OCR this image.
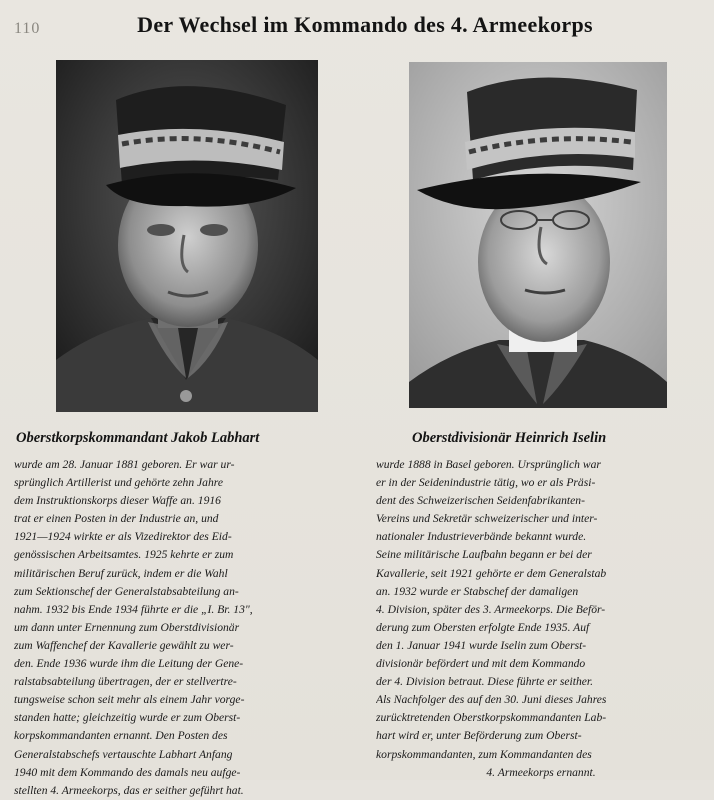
110	Der Wechsel im Kommando des 4. Armeekorps
Oberstkorpskommandant Jakob Labhart	Oberstdivisionär Heinrich Iselin
wurde am 28. Januar 1881 geboren. Er war ur-
sprünglich Artillerist und gehörte zehn Jahre
dem Instruktionskorps dieser Waffe an. 1916
trat er einen Posten in der Industrie an, und
1921—1924 wirkte er als Vizedirektor des Eid-
genössischen Arbeitsamtes. 1925 kehrte er zum
militärischen Beruf zurück, indem er die Wahl
zum Sektionschef der Generalstabsabteilung an-
nahm. 1932 bis Ende 1934 führte er die „I. Br. 13",
um dann unter Ernennung zum Oberstdivisionär
zum Waffenchef der Kavallerie gewählt zu wer-
den. Ende 1936 wurde ihm die Leitung der Gene-
ralstabsabteilung übertragen, der er stellvertre-
tungsweise schon seit mehr als einem Jahr vorge-
standen hatte; gleichzeitig wurde er zum Oberst-
korpskommandanten ernannt. Den Posten des
Generalstabschefs vertauschte Labhart Anfang
1940 mit dem Kommando des damals neu aufge-
stellten 4. Armeekorps, das er seither geführt hat.
wurde 1888 in Basel geboren. Ursprünglich war
er in der Seidenindustrie tätig, wo er als Präsi-
dent des Schweizerischen Seidenfabrikanten-
Vereins und Sekretär schweizerischer und inter-
nationaler Industrieverbände bekannt wurde.
Seine militärische Laufbahn begann er bei der
Kavallerie, seit 1921 gehörte er dem Generalstab
an. 1932 wurde er Stabschef der damaligen
4. Division, später des 3. Armeekorps. Die Beför-
derung zum Obersten erfolgte Ende 1935. Auf
den 1. Januar 1941 wurde Iselin zum Oberst-
divisionär befördert und mit dem Kommando
der 4. Division betraut. Diese führte er seither.
Als Nachfolger des auf den 30. Juni dieses Jahres
zurücktretenden Oberstkorpskommandanten Lab-
hart wird er, unter Beförderung zum Oberst-
korpskommandanten, zum Kommandanten des
4. Armeekorps ernannt.
